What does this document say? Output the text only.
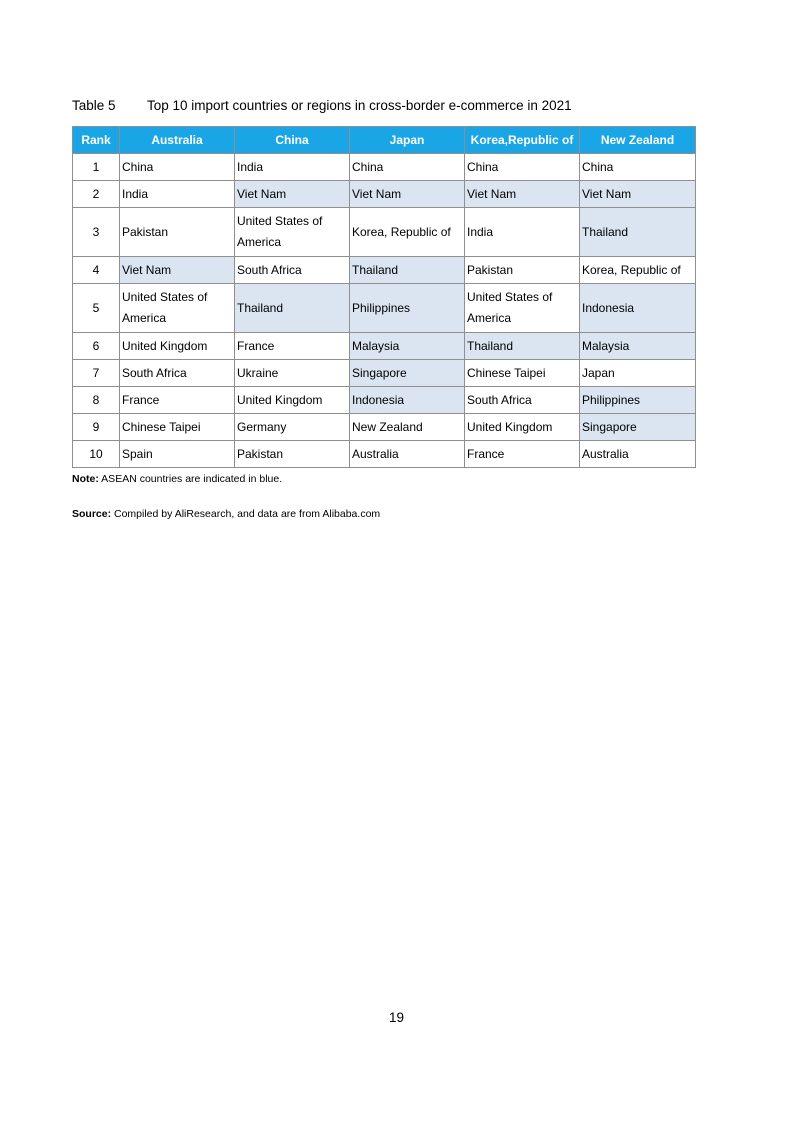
Table 5	Top 10 import countries or regions in cross-border e-commerce in 2021
Rank	Australia	China	Japan	Korea,Republic of	New Zealand
1	China	India	China	China	China
2	India	Viet Nam	Viet Nam	Viet Nam	Viet Nam
3	Pakistan	United States of America	Korea, Republic of	India	Thailand
4	Viet Nam	South Africa	Thailand	Pakistan	Korea, Republic of
5	United States of America	Thailand	Philippines	United States of America	Indonesia
6	United Kingdom	France	Malaysia	Thailand	Malaysia
7	South Africa	Ukraine	Singapore	Chinese Taipei	Japan
8	France	United Kingdom	Indonesia	South Africa	Philippines
9	Chinese Taipei	Germany	New Zealand	United Kingdom	Singapore
10	Spain	Pakistan	Australia	France	Australia
Note: ASEAN countries are indicated in blue.
Source: Compiled by AliResearch, and data are from Alibaba.com
19
